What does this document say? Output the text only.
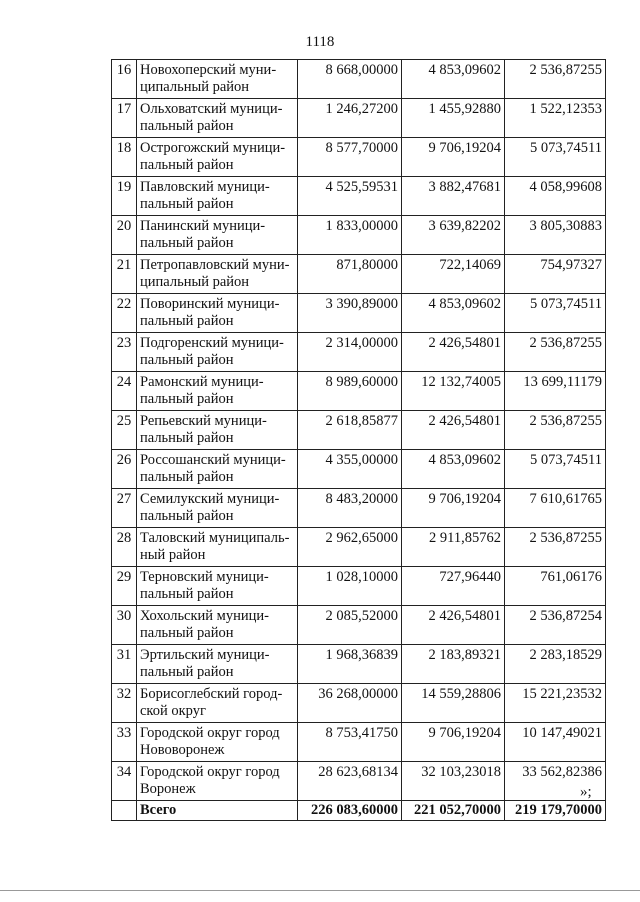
1118
16	Новохоперский муни-ципальный район	8 668,00000	4 853,09602	2 536,87255
17	Ольховатский муници-пальный район	1 246,27200	1 455,92880	1 522,12353
18	Острогожский муници-пальный район	8 577,70000	9 706,19204	5 073,74511
19	Павловский муници-пальный район	4 525,59531	3 882,47681	4 058,99608
20	Панинский муници-пальный район	1 833,00000	3 639,82202	3 805,30883
21	Петропавловский муни-ципальный район	871,80000	722,14069	754,97327
22	Поворинский муници-пальный район	3 390,89000	4 853,09602	5 073,74511
23	Подгоренский муници-пальный район	2 314,00000	2 426,54801	2 536,87255
24	Рамонский муници-пальный район	8 989,60000	12 132,74005	13 699,11179
25	Репьевский муници-пальный район	2 618,85877	2 426,54801	2 536,87255
26	Россошанский муници-пальный район	4 355,00000	4 853,09602	5 073,74511
27	Семилукский муници-пальный район	8 483,20000	9 706,19204	7 610,61765
28	Таловский муниципаль-ный район	2 962,65000	2 911,85762	2 536,87255
29	Терновский муници-пальный район	1 028,10000	727,96440	761,06176
30	Хохольский муници-пальный район	2 085,52000	2 426,54801	2 536,87254
31	Эртильский муници-пальный район	1 968,36839	2 183,89321	2 283,18529
32	Борисоглебский город-ской округ	36 268,00000	14 559,28806	15 221,23532
33	Городской округ город Нововоронеж	8 753,41750	9 706,19204	10 147,49021
34	Городской округ город Воронеж	28 623,68134	32 103,23018	33 562,82386
	Всего	226 083,60000	221 052,70000	219 179,70000
»;
